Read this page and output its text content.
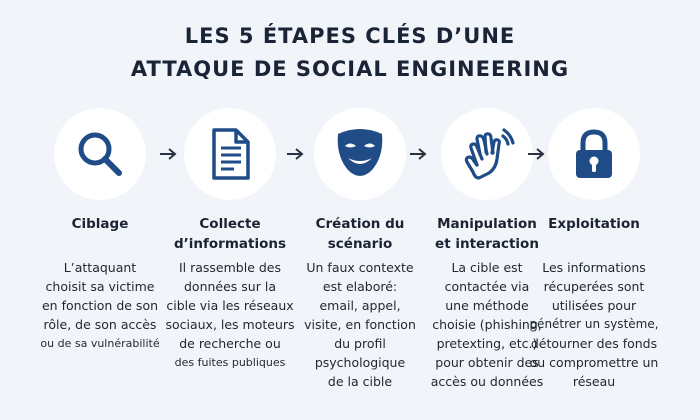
LES 5 ÉTAPES CLÉS D’UNE
ATTAQUE DE SOCIAL ENGINEERING
Ciblage
L’attaquant
choisit sa victime
en fonction de son
rôle, de son accès
ou de sa vulnérabilité
Collecte
d’informations
Il rassemble des
données sur la
cible via les réseaux
sociaux, les moteurs
de recherche ou
des fuites publiques
Création du
scénario
Un faux contexte
est elaboré:
email, appel,
visite, en fonction
du profil
psychologique
de la cible
Manipulation
et interaction
La cible est
contactée via
une méthode
choisie (phishing,
pretexting, etc.)
pour obtenir des
accès ou données
Exploitation
Les informations
récuperées sont
utilisées pour
pénétrer un système,
détourner des fonds
ou compromettre un
réseau
